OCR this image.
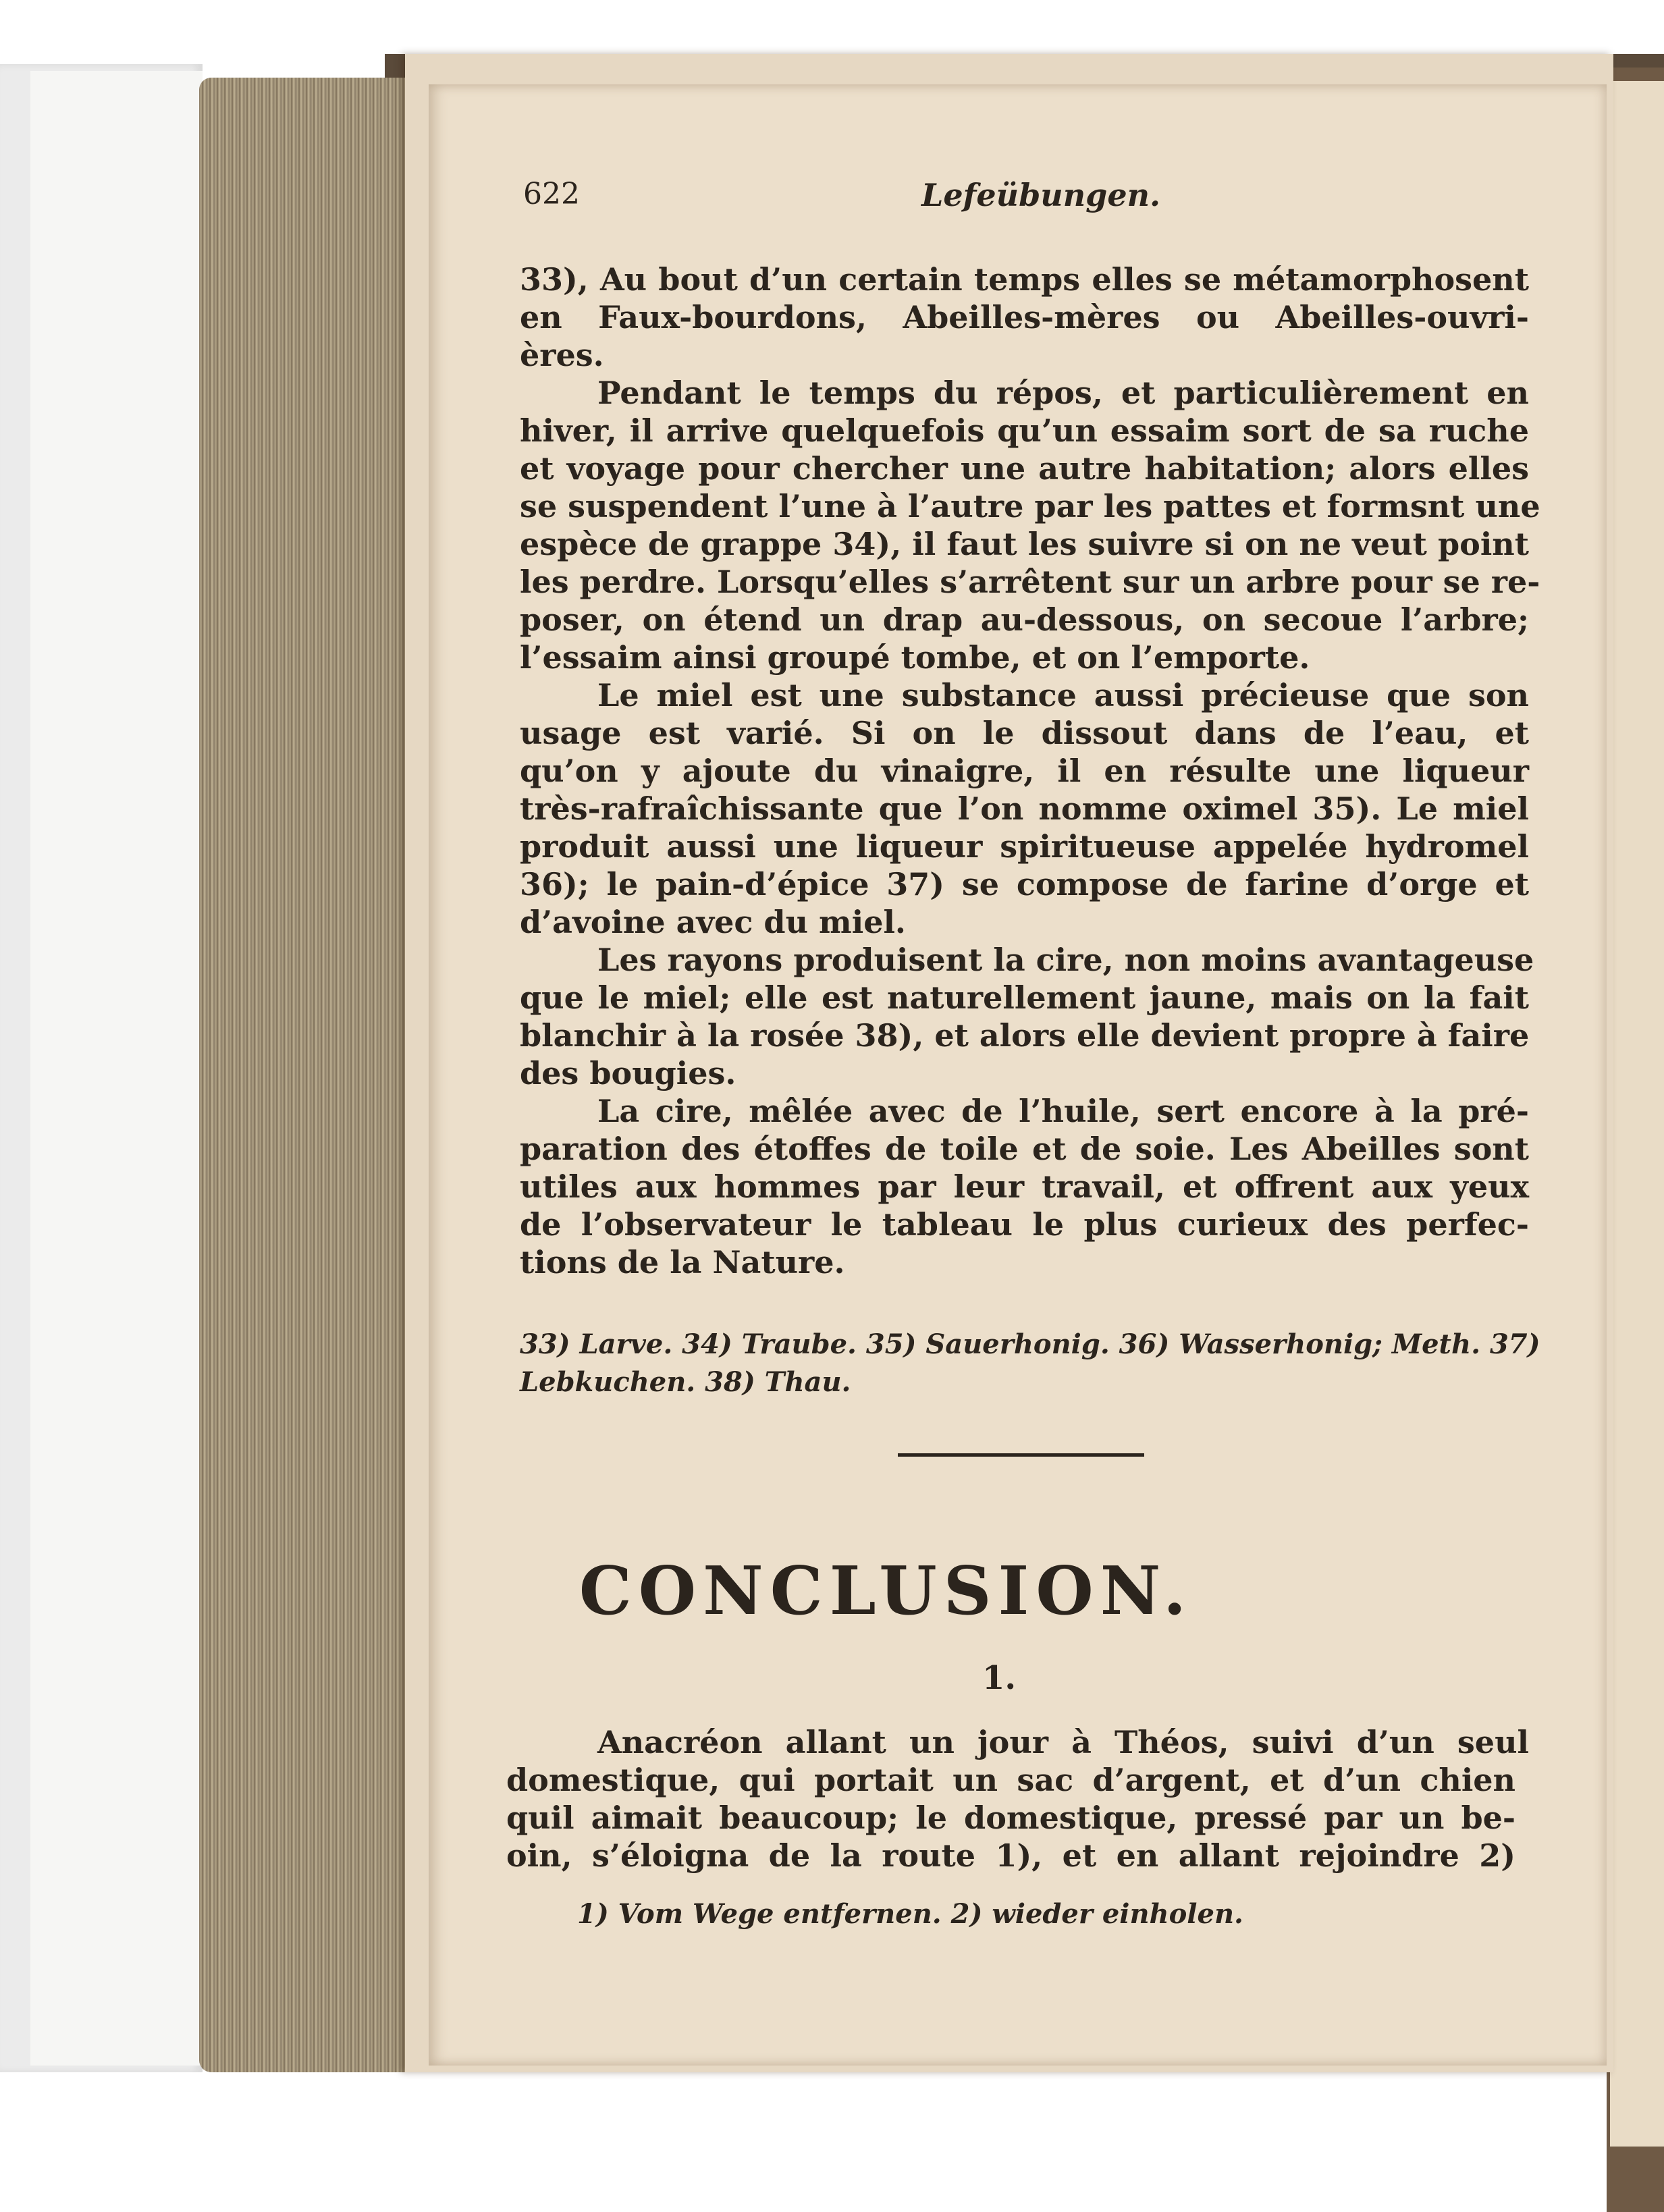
622	Lefeübungen.
33), Au bout d’un certain temps elles se métamorphosent
en Faux-bourdons, Abeilles-mères ou Abeilles-ouvri-
ères.
Pendant le temps du répos, et particulièrement en
hiver, il arrive quelquefois qu’un essaim sort de sa ruche
et voyage pour chercher une autre habitation; alors elles
se suspendent l’une à l’autre par les pattes et formsnt une
espèce de grappe 34), il faut les suivre si on ne veut point
les perdre. Lorsqu’elles s’arrêtent sur un arbre pour se re-
poser, on étend un drap au-dessous, on secoue l’arbre;
l’essaim ainsi groupé tombe, et on l’emporte.
Le miel est une substance aussi précieuse que son
usage est varié. Si on le dissout dans de l’eau, et
qu’on y ajoute du vinaigre, il en résulte une liqueur
très-rafraîchissante que l’on nomme oximel 35). Le miel
produit aussi une liqueur spiritueuse appelée hydromel
36); le pain-d’épice 37) se compose de farine d’orge et
d’avoine avec du miel.
Les rayons produisent la cire, non moins avantageuse
que le miel; elle est naturellement jaune, mais on la fait
blanchir à la rosée 38), et alors elle devient propre à faire
des bougies.
La cire, mêlée avec de l’huile, sert encore à la pré-
paration des étoffes de toile et de soie. Les Abeilles sont
utiles aux hommes par leur travail, et offrent aux yeux
de l’observateur le tableau le plus curieux des perfec-
tions de la Nature.
33) Larve. 34) Traube. 35) Sauerhonig. 36) Wasserhonig; Meth. 37)
Lebkuchen. 38) Thau.
CONCLUSION.
1.
Anacréon allant un jour à Théos, suivi d’un seul
domestique, qui portait un sac d’argent, et d’un chien
quil aimait beaucoup; le domestique, pressé par un be-
oin, s’éloigna de la route 1), et en allant rejoindre 2)
1) Vom Wege entfernen. 2) wieder einholen.
